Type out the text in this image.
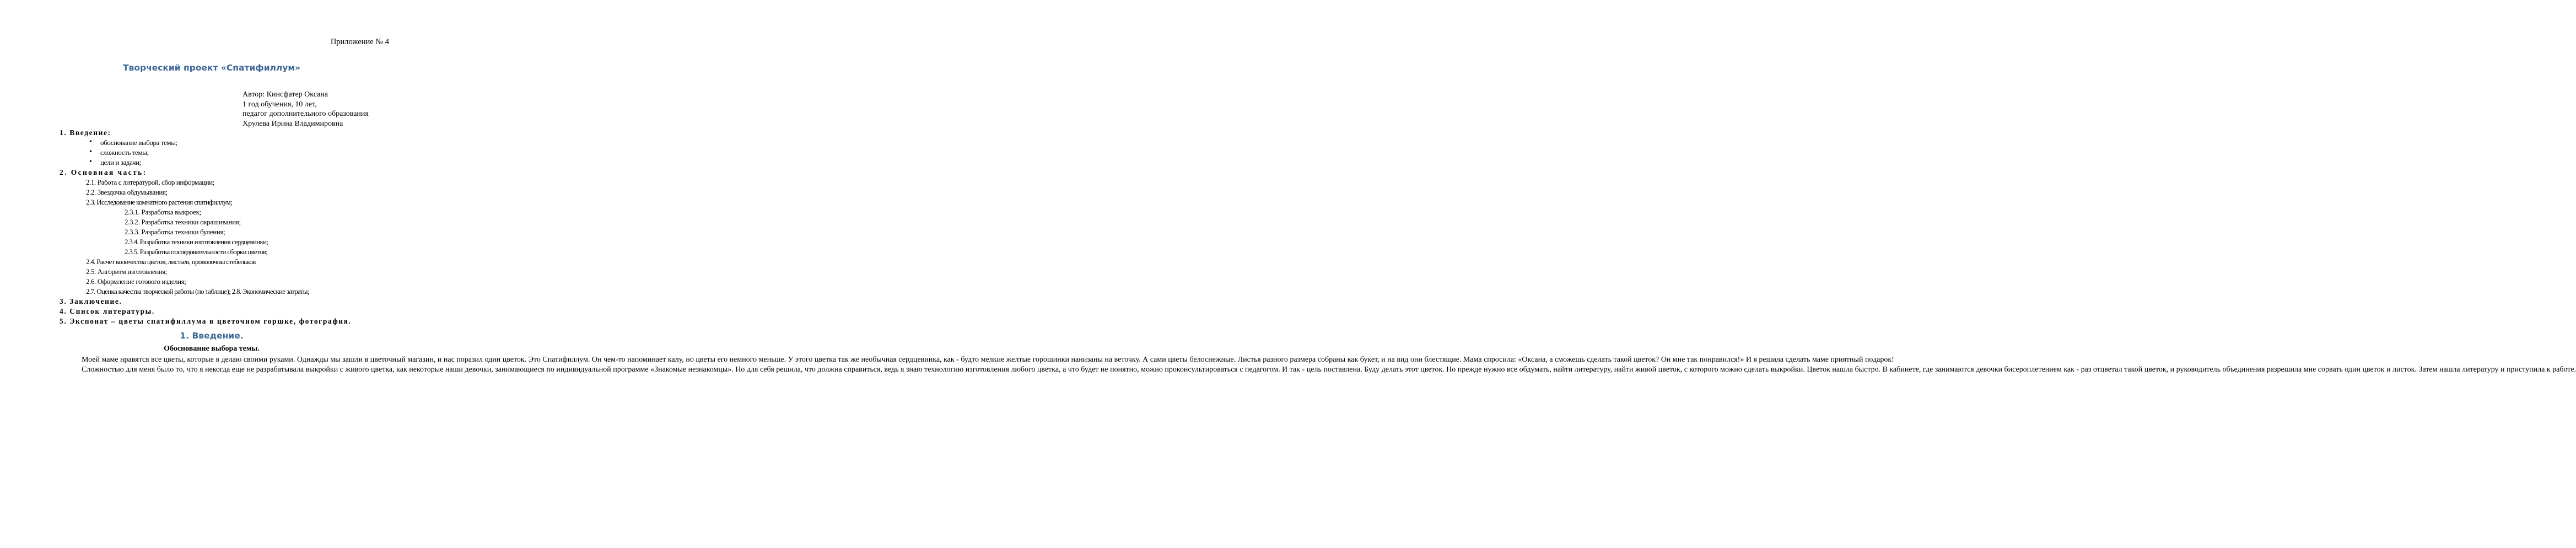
Приложение № 4
Творческий проект «Спатифиллум»
Автор: Кинсфатер Оксана
1 год обучения, 10 лет,
педагог дополнительного образования
Хрулева Ирина Владимировна
1. Введение:
• обоснование выбора темы;
• сложность темы;
• цели и задачи;
2. Основная часть:
2.1. Работа с литературой, сбор информации;
2.2. Звездочка обдумывания;
2.3. Исследование комнатного растения спатифиллум;
2.3.1. Разработка выкроек;
2.3.2. Разработка техники окрашивания;
2.3.3. Разработка техники буления;
2.3.4. Разработка техники изготовления сердцевинки;
2.3.5. Разработка последовательности сборки цветов;
2.4. Расчет количества цветов, листьев, проволочны стебельков
2.5. Алгоритм изготовления;
2.6. Оформление готового изделия;
2.7. Оценка качества творческой работы (по таблице); 2.8. Экономические затраты;
3. Заключение.
4. Список литературы.
5. Экспонат – цветы спатифиллума в цветочном горшке, фотография.
1. Введение.
Обоснование выбора темы.

Моей маме нравятся все цветы, которые я делаю своими руками. Однажды мы зашли в цветочный магазин, и нас поразил один цветок. Это Спатифиллум. Он чем-то напоминает калу, но цветы его немного меньше. У этого цветка так же необычная сердцевинка, как - будто мелкие желтые горошинки нанизаны на веточку. А сами цветы белоснежные. Листья разного размера собраны как букет, и на вид они блестящие. Мама спросила: «Оксана, а сможешь сделать такой цветок? Он мне так понравился!» И я решила сделать маме приятный подарок!

Сложностью для меня было то, что я некогда еще не разрабатывала выкройки с живого цветка, как некоторые наши девочки, занимающиеся по индивидуальной программе «Знакомые незнакомцы». Но для себя решила, что должна справиться, ведь я знаю технологию изготовления любого цветка, а что будет не понятно, можно проконсультироваться с педагогом. И так - цель поставлена. Буду делать этот цветок. Но прежде нужно все обдумать, найти литературу, найти живой цветок, с которого можно сделать выкройки. Цветок нашла быстро. В кабинете, где занимаются девочки бисероплетением как - раз отцветал такой цветок, и руководитель объединения разрешила мне сорвать один цветок и листок. Затем нашла литературу и приступила к работе.
